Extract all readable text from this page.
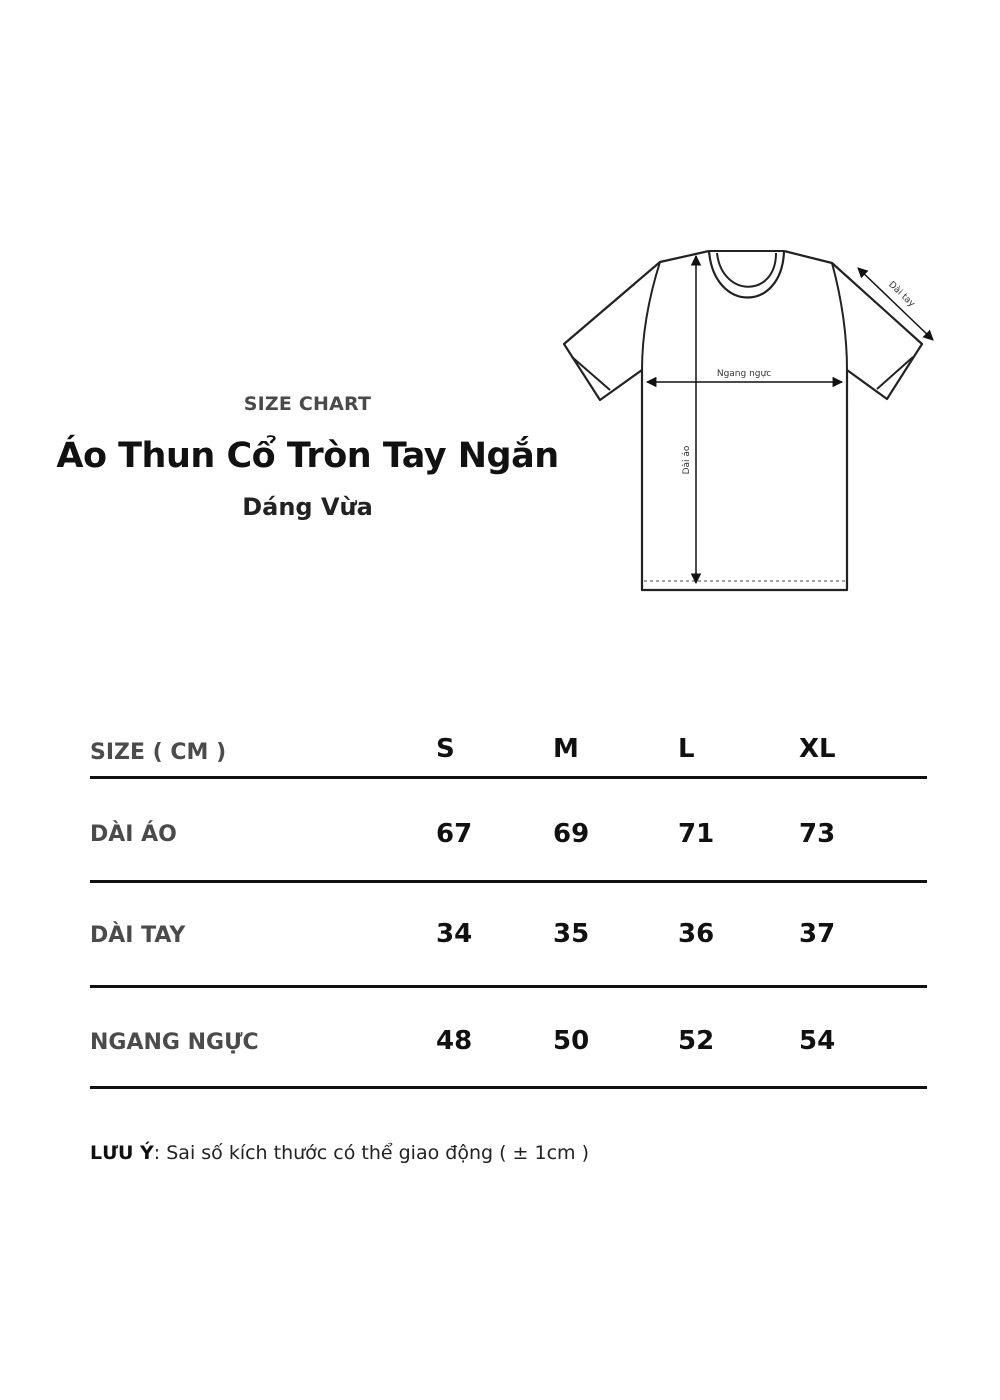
SIZE CHART
Áo Thun Cổ Tròn Tay Ngắn
Dáng Vừa
Ngang ngực
Dài áo
Dài tay
SIZE ( CM )	S	M	L	XL
DÀI ÁO	67	69	71	73
DÀI TAY	34	35	36	37
NGANG NGỰC	48	50	52	54
LƯU Ý: Sai số kích thước có thể giao động ( ± 1cm )
